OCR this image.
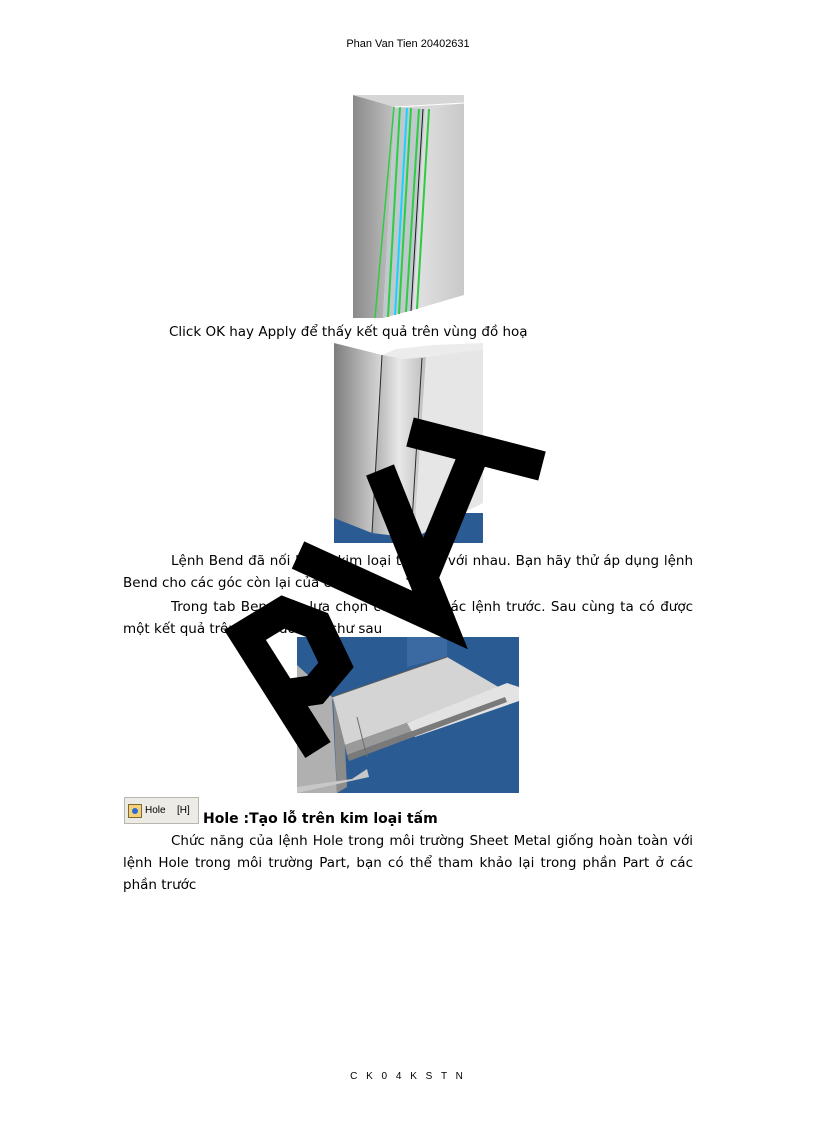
Phan Van Tien 20402631
Click OK hay Apply để thấy kết quả trên vùng đồ hoạ
Lệnh Bend đã nối liền 2 kim loại tấm lại với nhau. Bạn hãy thử áp dụng lệnh Bend cho các góc còn lại của chi tiết.
Trong tab Bend các lựa chọn cũng như các lệnh trước. Sau cùng ta có được một kết quả trên vùng đồ hoạ chư sau
Hole [H]
Hole :Tạo lỗ trên kim loại tấm
Chức năng của lệnh Hole trong môi trường Sheet Metal giống hoàn toàn với lệnh Hole trong môi trường Part, bạn có thể tham khảo lại trong phần Part ở các phần trước
C K 0 4 K S T N
